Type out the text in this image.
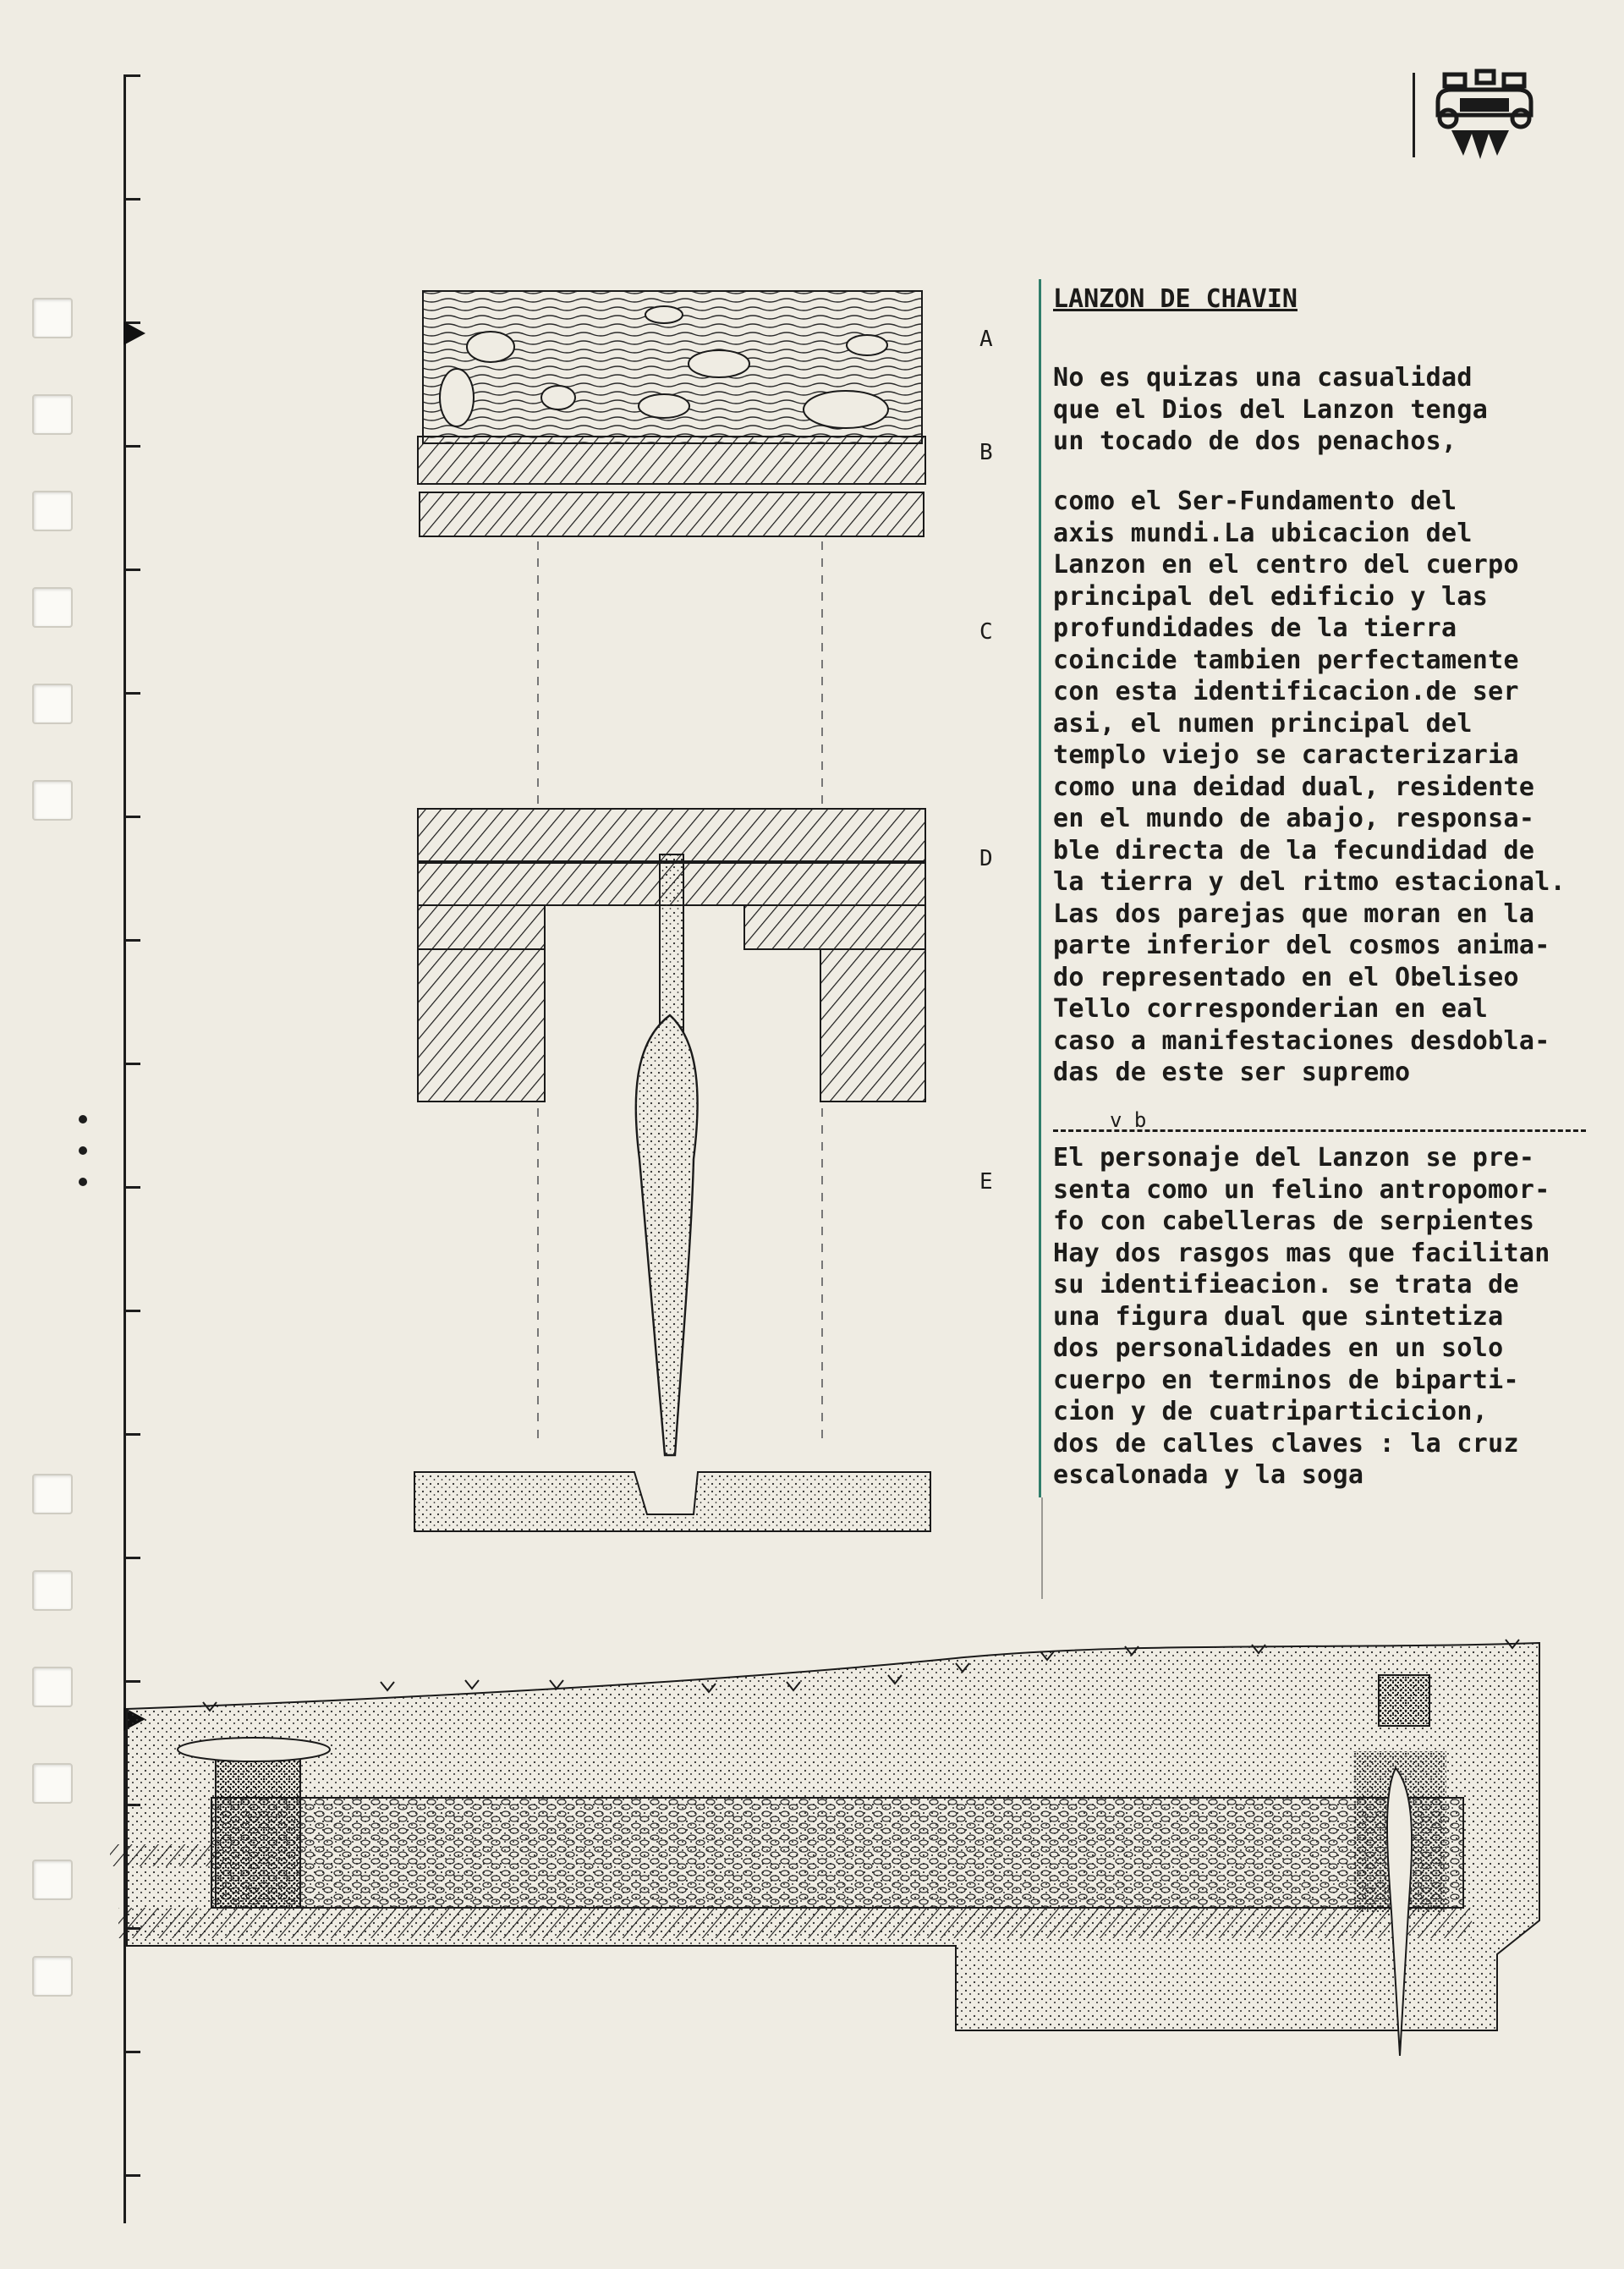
A
B
C
D
E
LANZON DE CHAVIN
No es quizas una casualidad
que el Dios del Lanzon tenga
un tocado de dos penachos,

como el Ser-Fundamento del
axis mundi.La ubicacion del
Lanzon en el centro del cuerpo
principal del edificio y las
profundidades de la tierra
coincide tambien perfectamente
con esta identificacion.de ser
asi, el numen principal del
templo viejo se caracterizaria
como una deidad dual, residente
en el mundo de abajo, responsa-
ble directa de la fecundidad de
la tierra y del ritmo estacional.
Las dos parejas que moran en la
parte inferior del cosmos anima-
do representado en el Obeliseo
Tello corresponderian en eal
caso a manifestaciones desdobla-
das de este ser supremo
v b
El personaje del Lanzon se pre-
senta como un felino antropomor-
fo con cabelleras de serpientes
Hay dos rasgos mas que facilitan
su identifieacion. se trata de
una figura dual que sintetiza
dos personalidades en un solo
cuerpo en terminos de biparti-
cion y de cuatriparticicion,
dos de calles claves : la cruz
escalonada y la soga
